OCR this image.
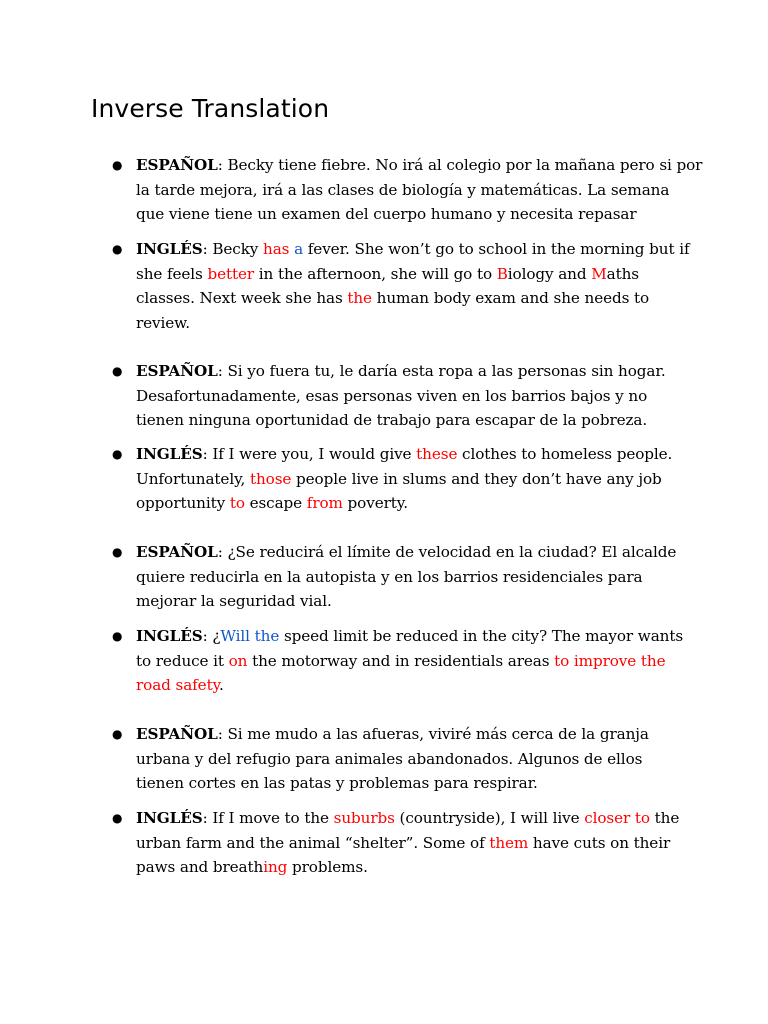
Inverse Translation
● ESPAÑOL: Becky tiene fiebre. No irá al colegio por la mañana pero si por
la tarde mejora, irá a las clases de biología y matemáticas. La semana
que viene tiene un examen del cuerpo humano y necesita repasar
● INGLÉS: Becky has a fever. She won’t go to school in the morning but if
she feels better in the afternoon, she will go to Biology and Maths
classes. Next week she has the human body exam and she needs to
review.
● ESPAÑOL: Si yo fuera tu, le daría esta ropa a las personas sin hogar.
Desafortunadamente, esas personas viven en los barrios bajos y no
tienen ninguna oportunidad de trabajo para escapar de la pobreza.
● INGLÉS: If I were you, I would give these clothes to homeless people.
Unfortunately, those people live in slums and they don’t have any job
opportunity to escape from poverty.
● ESPAÑOL: ¿Se reducirá el límite de velocidad en la ciudad? El alcalde
quiere reducirla en la autopista y en los barrios residenciales para
mejorar la seguridad vial.
● INGLÉS: ¿Will the speed limit be reduced in the city? The mayor wants
to reduce it on the motorway and in residentials areas to improve the
road safety.
● ESPAÑOL: Si me mudo a las afueras, viviré más cerca de la granja
urbana y del refugio para animales abandonados. Algunos de ellos
tienen cortes en las patas y problemas para respirar.
● INGLÉS: If I move to the suburbs (countryside), I will live closer to the
urban farm and the animal “shelter”. Some of them have cuts on their
paws and breathing problems.
